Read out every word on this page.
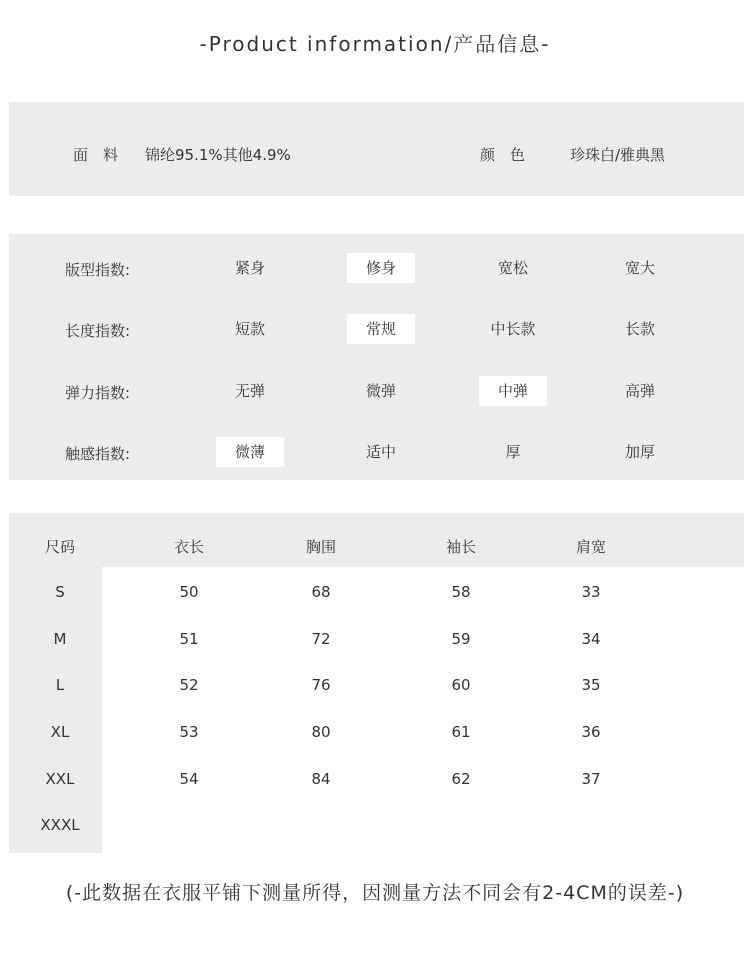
-Product information/产品信息-
面　料 锦纶95.1%其他4.9%	颜　色	珍珠白/雅典黑
版型指数:	紧身	修身	宽松	宽大
长度指数:	短款	常规	中长款	长款
弹力指数:	无弹	微弹	中弹	高弹
触感指数:	微薄	适中	厚	加厚
尺码	衣长	胸围	袖长	肩宽
S	50	68	58	33
M	51	72	59	34
L	52	76	60	35
XL	53	80	61	36
XXL	54	84	62	37
XXXL
(-此数据在衣服平铺下测量所得，因测量方法不同会有2-4CM的误差-)
